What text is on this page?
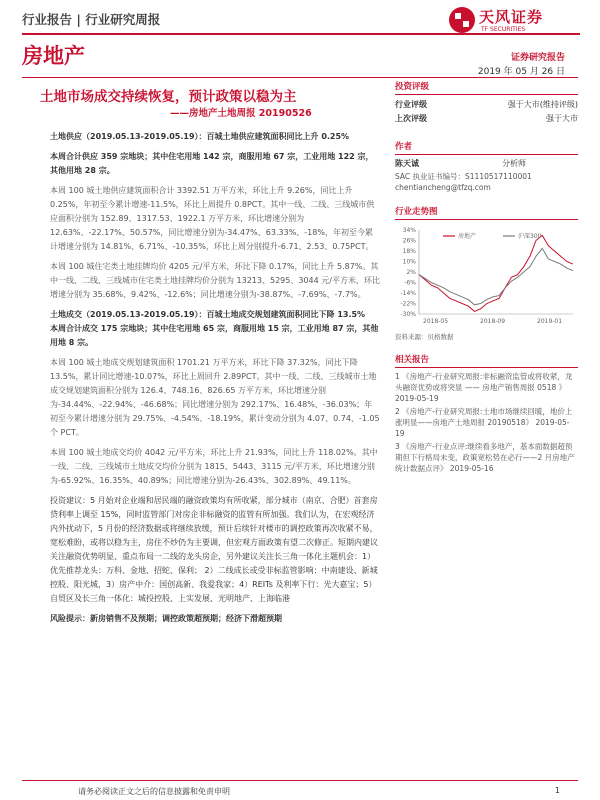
行业报告 | 行业研究周报	天风证券
TF SECURITIES
房地产	证券研究报告
2019 年 05 月 26 日
土地市场成交持续恢复，预计政策以稳为主
——房地产土地周报 20190526

土地供应（2019.05.13-2019.05.19）：百城土地供应建筑面积同比上升 0.25%

本周合计供应 359 宗地块；其中住宅用地 142 宗，商服用地 67 宗，工业用地 122 宗，其他用地 28 宗。

本周 100 城土地供应建筑面积合计 3392.51 万平方米，环比上升 9.26%，同比上升 0.25%，年初至今累计增速-11.5%，环比上周提升 0.8PCT。其中一线、二线、三线城市供应面积分别为 152.89、1317.53、1922.1 万平方米，环比增速分别为 12.63%、-22.17%、50.57%，同比增速分别为-34.47%、63.33%、-18%，年初至今累计增速分别为 14.81%、6.71%、-10.35%，环比上周分别提升-6.71、2.53、0.75PCT。

本周 100 城住宅类土地挂牌均价 4205 元/平方米，环比下降 0.17%，同比上升 5.87%。其中一线、二线、三线城市住宅类土地挂牌均价分别为 13213、5295、3044 元/平方米，环比增速分别为 35.68%、9.42%、-12.6%；同比增速分别为-38.87%、-7.69%、-7.7%。

土地成交（2019.05.13-2019.05.19）：百城土地成交规划建筑面积同比下降 13.5%

本周合计成交 175 宗地块；其中住宅用地 65 宗，商服用地 15 宗，工业用地 87 宗，其他用地 8 宗。

本周 100 城土地成交规划建筑面积 1701.21 万平方米，环比下降 37.32%，同比下降 13.5%，累计同比增速-10.07%，环比上周回升 2.89PCT。其中一线、二线、三线城市土地成交规划建筑面积分别为 126.4、748.16、826.65 万平方米，环比增速分别为-34.44%、-22.94%、-46.68%；同比增速分别为 292.17%、16.48%、-36.03%；年初至今累计增速分别为 29.75%、-4.54%、-18.19%，累计变动分别为 4.07、0.74、-1.05 个 PCT。

本周 100 城土地成交均价 4042 元/平方米，环比上升 21.93%，同比上升 118.02%。其中一线、二线、三线城市土地成交均价分别为 1815、5443、3115 元/平方米，环比增速分别为-65.92%、16.35%、40.89%；同比增速分别为-26.43%、302.89%、49.11%。

投资建议：5 月始对企业端和居民端的融资政策均有所收紧，部分城市（南京、合肥）首套房贷利率上调至 15%，同时监管部门对房企非标融资的监管有所加强。我们认为，在宏观经济内外扰动下，5 月份的经济数据或将继续放缓，预计后续针对楼市的调控政策再次收紧不易，宽松难盼，或将以稳为主，房住不炒仍为主要调，但宏观方面政策有望二次修正。短期内建议关注融资优势明显、重点布局一二线的龙头房企，另外建议关注长三角一体化主题机会：1）优先推荐龙头：万科、金地、招蛇、保利； 2）二线成长或受非标监管影响：中南建设、新城控股、阳光城，3）房产中介：国创高新、我爱我家；4）REITs 及利率下行：光大嘉宝；5）自贸区及长三角一体化：城投控股、上实发展、光明地产、上海临港

风险提示：新房销售不及预期；调控政策超预期；经济下滑超预期

投资评级
行业评级	强于大市(维持评级)
上次评级	强于大市
作者
陈天诚	分析师
SAC 执业证书编号：S1110517110001
chentiancheng@tfzq.com
行业走势图
34%
26%
18%
10%
2%
-6%
-14%
-22%
-30%
2018-05	2018-09	2019-01
房地产	沪深300
资料来源：贝格数据
相关报告

1 《房地产-行业研究周报:非标融资监管或将收紧，龙头融资优势或将突显 —— 房地产销售周报 0518 》 2019-05-19

2 《房地产-行业研究周报:土地市场继续回暖，地价上涨明显——房地产土地周报 20190518》 2019-05-19

3 《房地产-行业点评:继续看多地产，基本面数据超预期但下行格局未变，政策宽松势在必行——2 月房地产统计数据点评》 2019-05-16

请务必阅读正文之后的信息披露和免责申明	1
